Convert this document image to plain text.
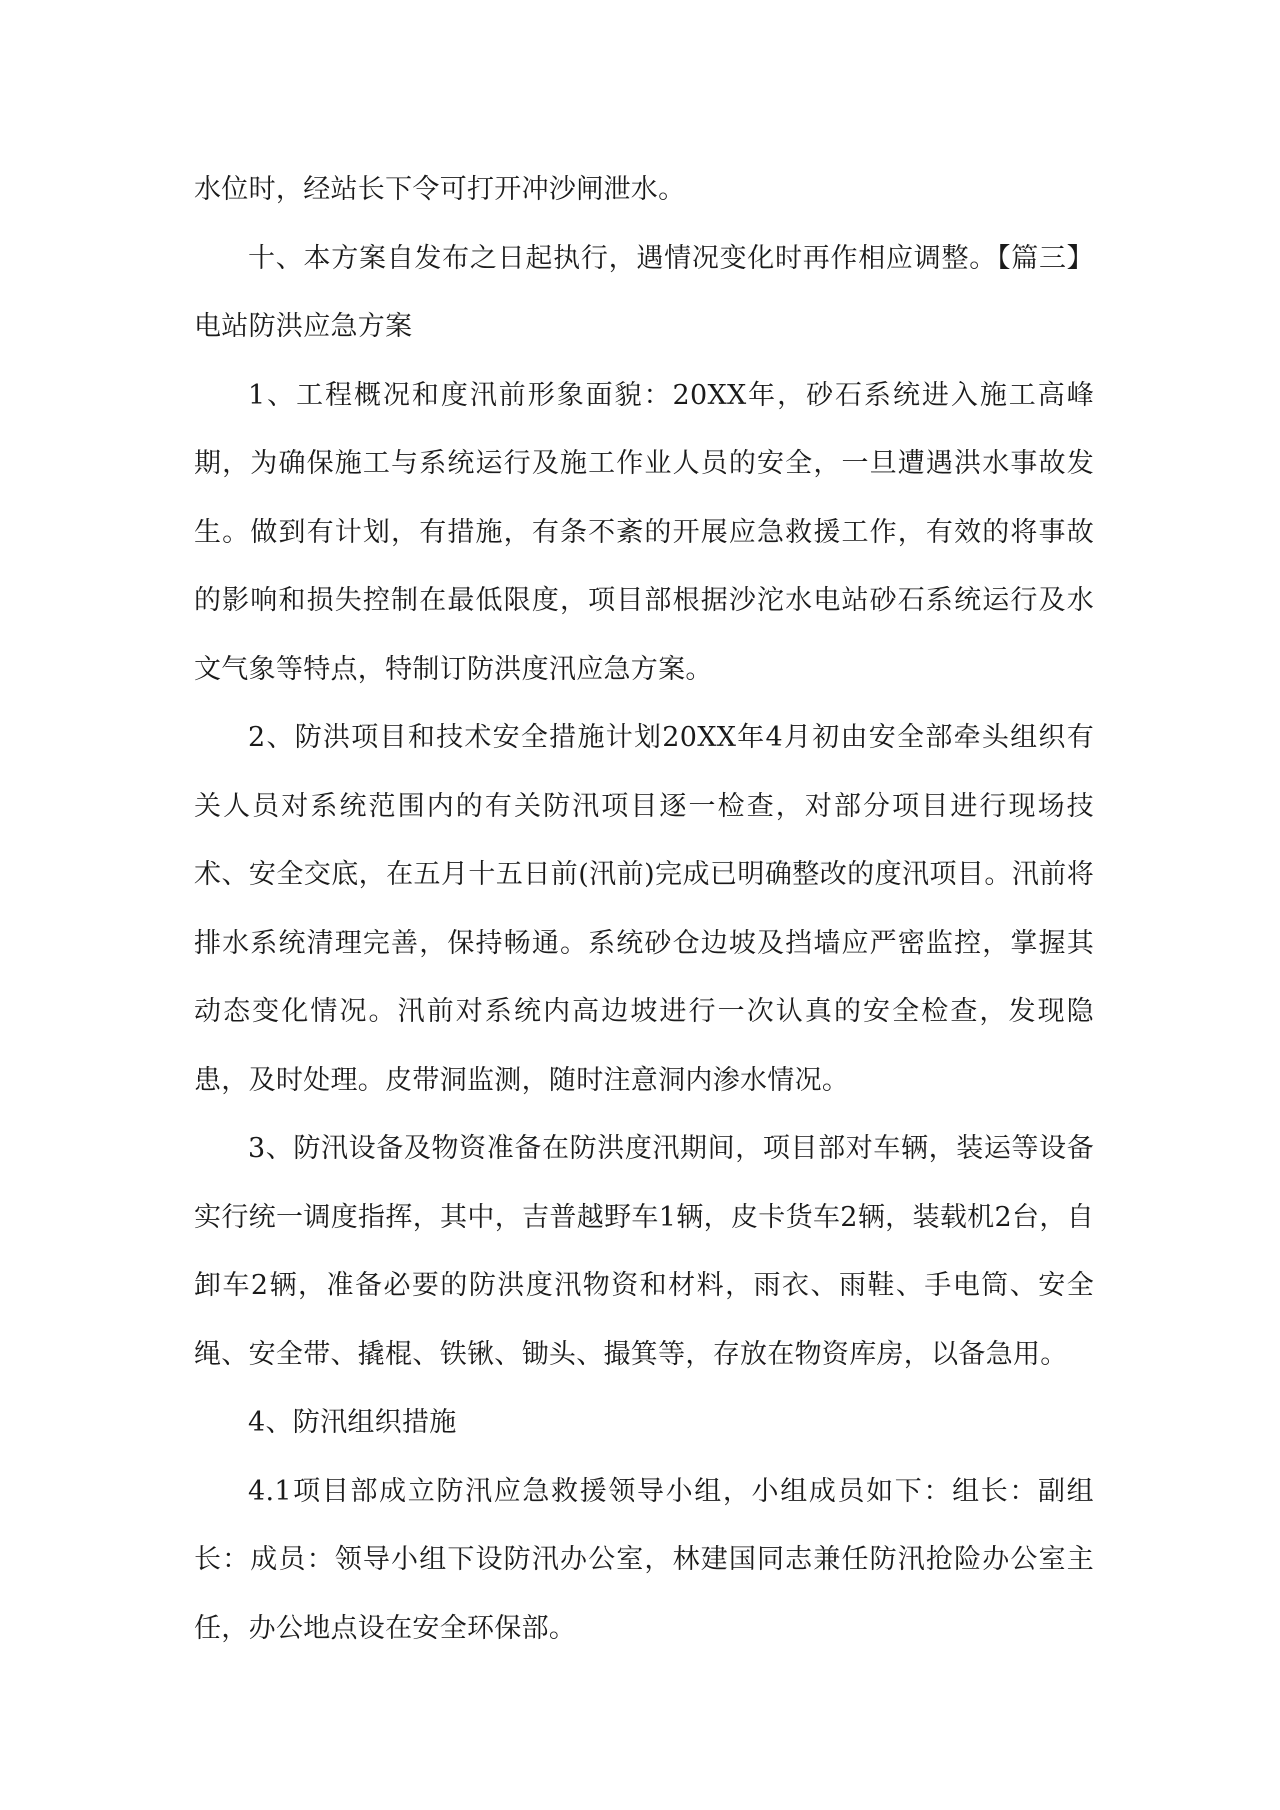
水位时，经站长下令可打开冲沙闸泄水。

十、本方案自发布之日起执行，遇情况变化时再作相应调整。【篇三】电站防洪应急方案

1、工程概况和度汛前形象面貌：20XX年，砂石系统进入施工高峰期，为确保施工与系统运行及施工作业人员的安全，一旦遭遇洪水事故发生。做到有计划，有措施，有条不紊的开展应急救援工作，有效的将事故的影响和损失控制在最低限度，项目部根据沙沱水电站砂石系统运行及水文气象等特点，特制订防洪度汛应急方案。

2、防洪项目和技术安全措施计划20XX年4月初由安全部牵头组织有关人员对系统范围内的有关防汛项目逐一检查，对部分项目进行现场技术、安全交底，在五月十五日前(汛前)完成已明确整改的度汛项目。汛前将排水系统清理完善，保持畅通。系统砂仓边坡及挡墙应严密监控，掌握其动态变化情况。汛前对系统内高边坡进行一次认真的安全检查，发现隐患，及时处理。皮带洞监测，随时注意洞内渗水情况。

3、防汛设备及物资准备在防洪度汛期间，项目部对车辆，装运等设备实行统一调度指挥，其中，吉普越野车1辆，皮卡货车2辆，装载机2台，自卸车2辆，准备必要的防洪度汛物资和材料，雨衣、雨鞋、手电筒、安全绳、安全带、撬棍、铁锹、锄头、撮箕等，存放在物资库房，以备急用。

4、防汛组织措施

4.1项目部成立防汛应急救援领导小组，小组成员如下：组长：副组长：成员：领导小组下设防汛办公室，林建国同志兼任防汛抢险办公室主任，办公地点设在安全环保部。
